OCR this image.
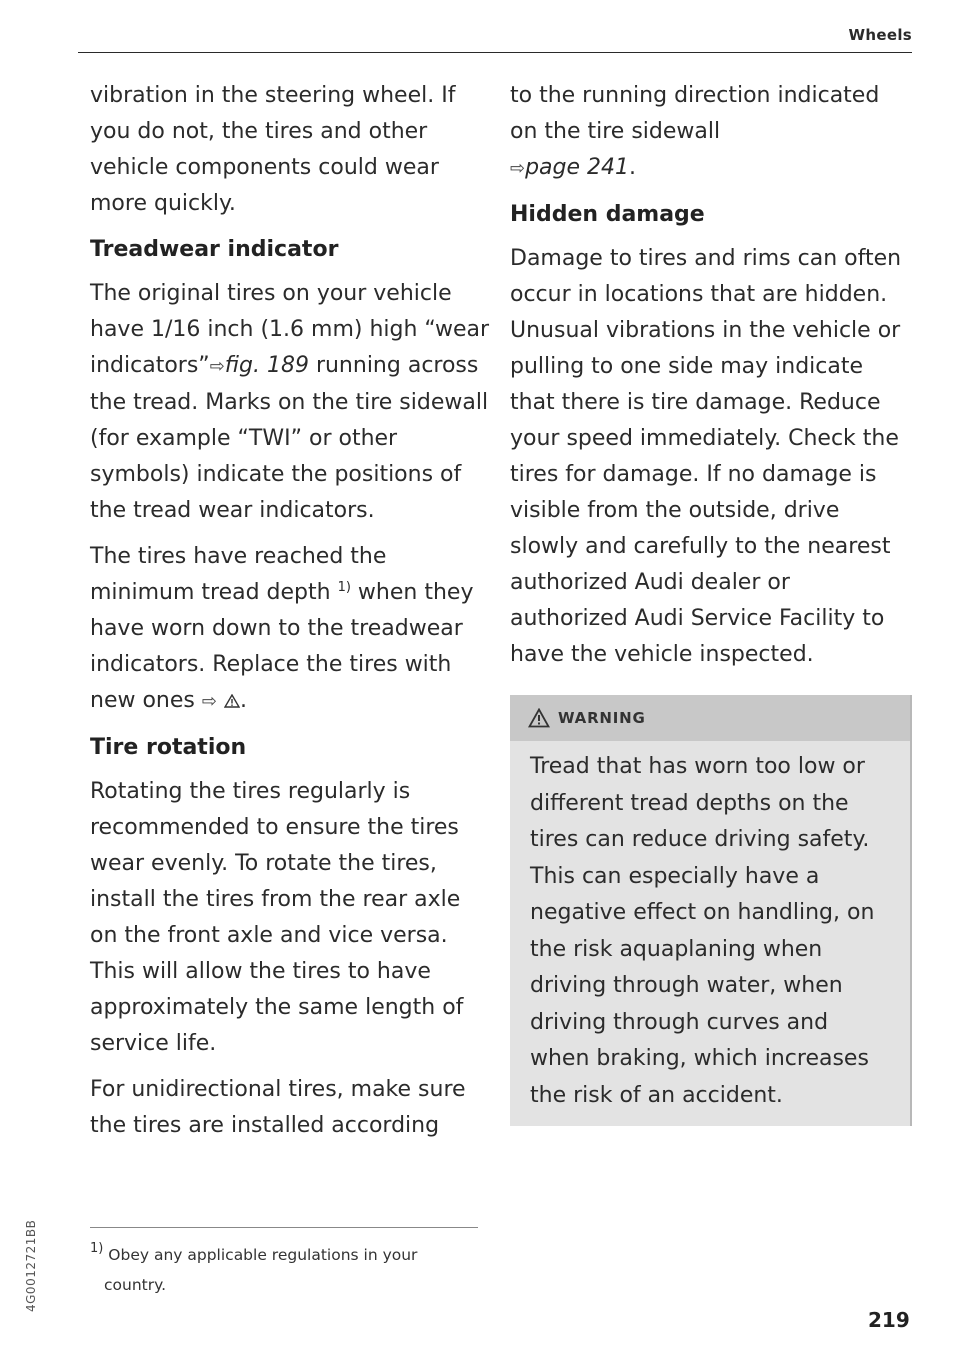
Wheels

vibration in the steering wheel. If you do not, the tires and other vehicle components could wear more quickly.

Treadwear indicator

The original tires on your vehicle have 1/16 inch (1.6 mm) high “wear indicators”⇨fig. 189 running across the tread. Marks on the tire sidewall (for example “TWI” or other symbols) indicate the positions of the tread wear indicators.

The tires have reached the minimum tread depth $^{1)}$ when they have worn down to the treadwear indicators. Replace the tires with new ones ⇨ .

Tire rotation

Rotating the tires regularly is recommended to ensure the tires wear evenly. To rotate the tires, install the tires from the rear axle on the front axle and vice versa. This will allow the tires to have approximately the same length of service life.

For unidirectional tires, make sure the tires are installed according

to the running direction indicated on the tire sidewall
⇨page 241.

Hidden damage

Damage to tires and rims can often occur in locations that are hidden. Unusual vibrations in the vehicle or pulling to one side may indicate that there is tire damage. Reduce your speed immediately. Check the tires for damage. If no damage is visible from the outside, drive slowly and carefully to the nearest authorized Audi dealer or authorized Audi Service Facility to have the vehicle inspected.

WARNING
Tread that has worn too low or different tread depths on the tires can reduce driving safety. This can especially have a negative effect on handling, on the risk aquaplaning when driving through water, when driving through curves and when braking, which increases the risk of an accident.
$^{1)}$ Obey any applicable regulations in your
country.
4G0012721BB
219
